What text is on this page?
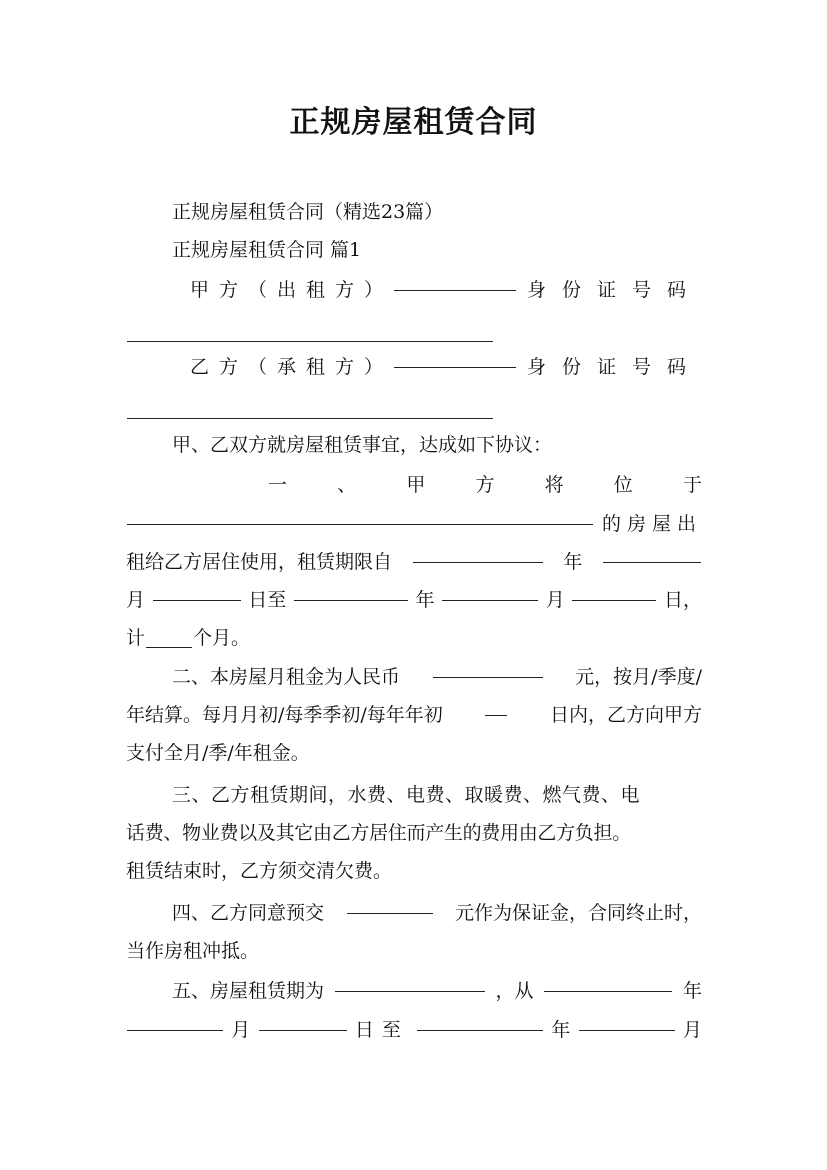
正规房屋租赁合同
正规房屋租赁合同（精选23篇）
正规房屋租赁合同 篇1
甲方（出租方）	身份证号码
乙方（承租方）	身份证号码
甲、乙双方就房屋租赁事宜，达成如下协议：
一	、	甲	方	将	位	于
的房屋出
租给乙方居住使用，租赁期限自	年
月	日至	年	月	日，
计	个月。
二、本房屋月租金为人民币	元，按月/季度/
年结算。每月月初/每季季初/每年年初	日内，乙方向甲方
支付全月/季/年租金。
三、乙方租赁期间，水费、电费、取暖费、燃气费、电
话费、物业费以及其它由乙方居住而产生的费用由乙方负担。
租赁结束时，乙方须交清欠费。
四、乙方同意预交	元作为保证金，合同终止时，
当作房租冲抵。
五、房屋租赁期为	，从	年
月	日至	年	月
